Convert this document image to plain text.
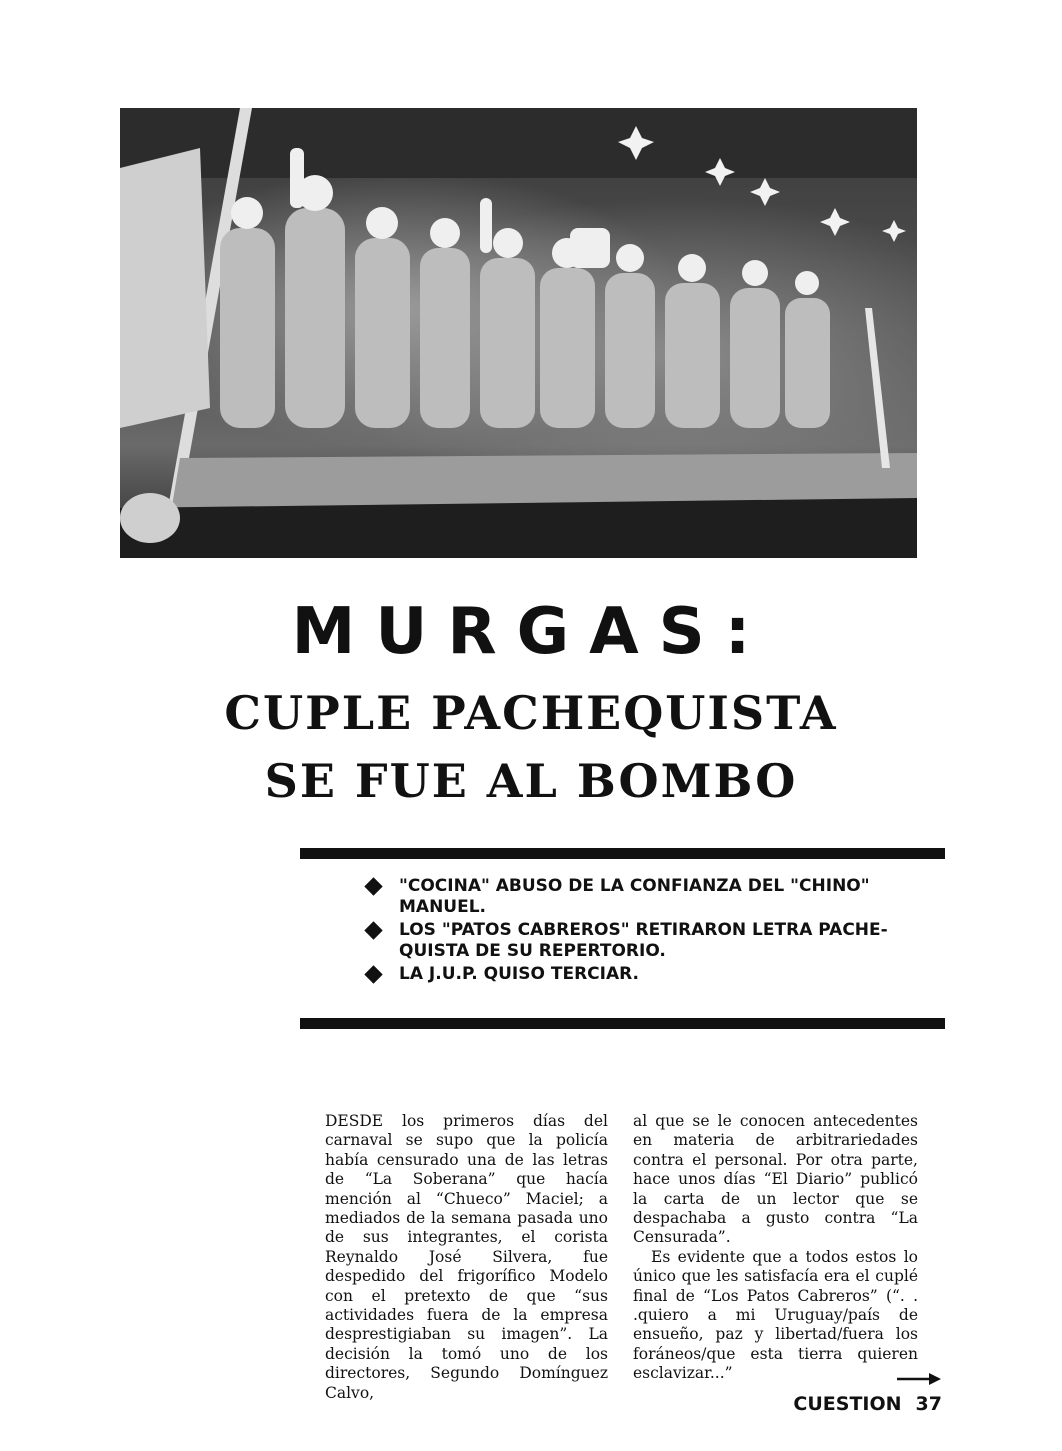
MURGAS:
CUPLE PACHEQUISTA
SE FUE AL BOMBO
"COCINA" ABUSO DE LA CONFIANZA DEL "CHINO" MANUEL.
LOS "PATOS CABREROS" RETIRARON LETRA PACHE-QUISTA DE SU REPERTORIO.
LA J.U.P. QUISO TERCIAR.

DESDE los primeros días del carnaval se supo que la policía había censurado una de las letras de “La Soberana” que hacía mención al “Chueco” Maciel; a mediados de la semana pasada uno de sus integrantes, el corista Reynaldo José Silvera, fue despedido del frigorífico Modelo con el pretexto de que “sus actividades fuera de la empresa desprestigiaban su imagen”. La decisión la tomó uno de los directores, Segundo Domínguez Calvo,

al que se le conocen antecedentes en materia de arbitrariedades contra el personal. Por otra parte, hace unos días “El Diario” publicó la carta de un lector que se despachaba a gusto contra “La Censurada”.

Es evidente que a todos estos lo único que les satisfacía era el cuplé final de “Los Patos Cabreros” (“. . .quiero a mi Uruguay/país de ensueño, paz y libertad/fuera los foráneos/que esta tierra quieren esclavizar...”

CUESTION 37
